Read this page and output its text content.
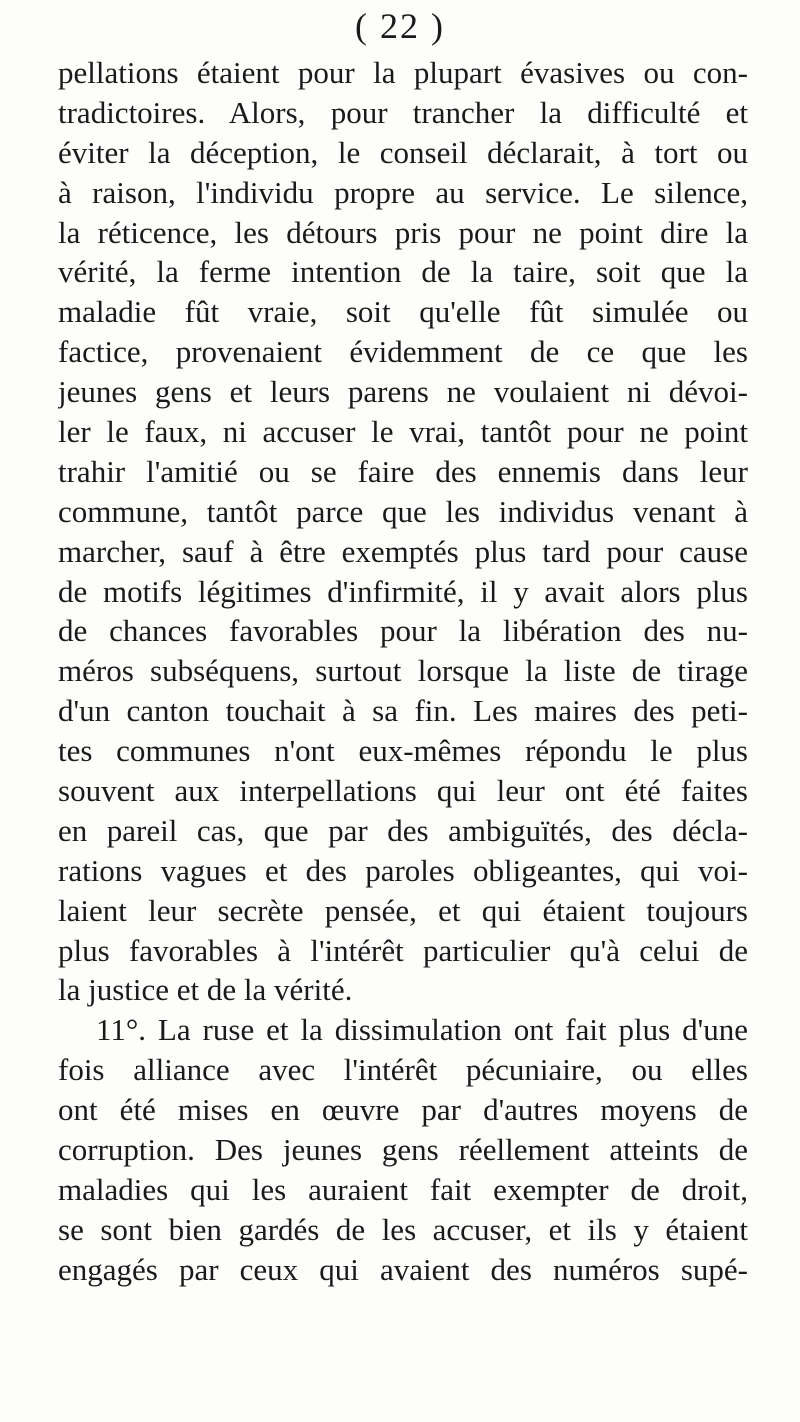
( 22 )
pellations étaient pour la plupart évasives ou con-
tradictoires. Alors, pour trancher la difficulté et
éviter la déception, le conseil déclarait, à tort ou
à raison, l'individu propre au service. Le silence,
la réticence, les détours pris pour ne point dire la
vérité, la ferme intention de la taire, soit que la
maladie fût vraie, soit qu'elle fût simulée ou
factice, provenaient évidemment de ce que les
jeunes gens et leurs parens ne voulaient ni dévoi-
ler le faux, ni accuser le vrai, tantôt pour ne point
trahir l'amitié ou se faire des ennemis dans leur
commune, tantôt parce que les individus venant à
marcher, sauf à être exemptés plus tard pour cause
de motifs légitimes d'infirmité, il y avait alors plus
de chances favorables pour la libération des nu-
méros subséquens, surtout lorsque la liste de tirage
d'un canton touchait à sa fin. Les maires des peti-
tes communes n'ont eux-mêmes répondu le plus
souvent aux interpellations qui leur ont été faites
en pareil cas, que par des ambiguïtés, des décla-
rations vagues et des paroles obligeantes, qui voi-
laient leur secrète pensée, et qui étaient toujours
plus favorables à l'intérêt particulier qu'à celui de
la justice et de la vérité.
11°. La ruse et la dissimulation ont fait plus d'une
fois alliance avec l'intérêt pécuniaire, ou elles
ont été mises en œuvre par d'autres moyens de
corruption. Des jeunes gens réellement atteints de
maladies qui les auraient fait exempter de droit,
se sont bien gardés de les accuser, et ils y étaient
engagés par ceux qui avaient des numéros supé-
